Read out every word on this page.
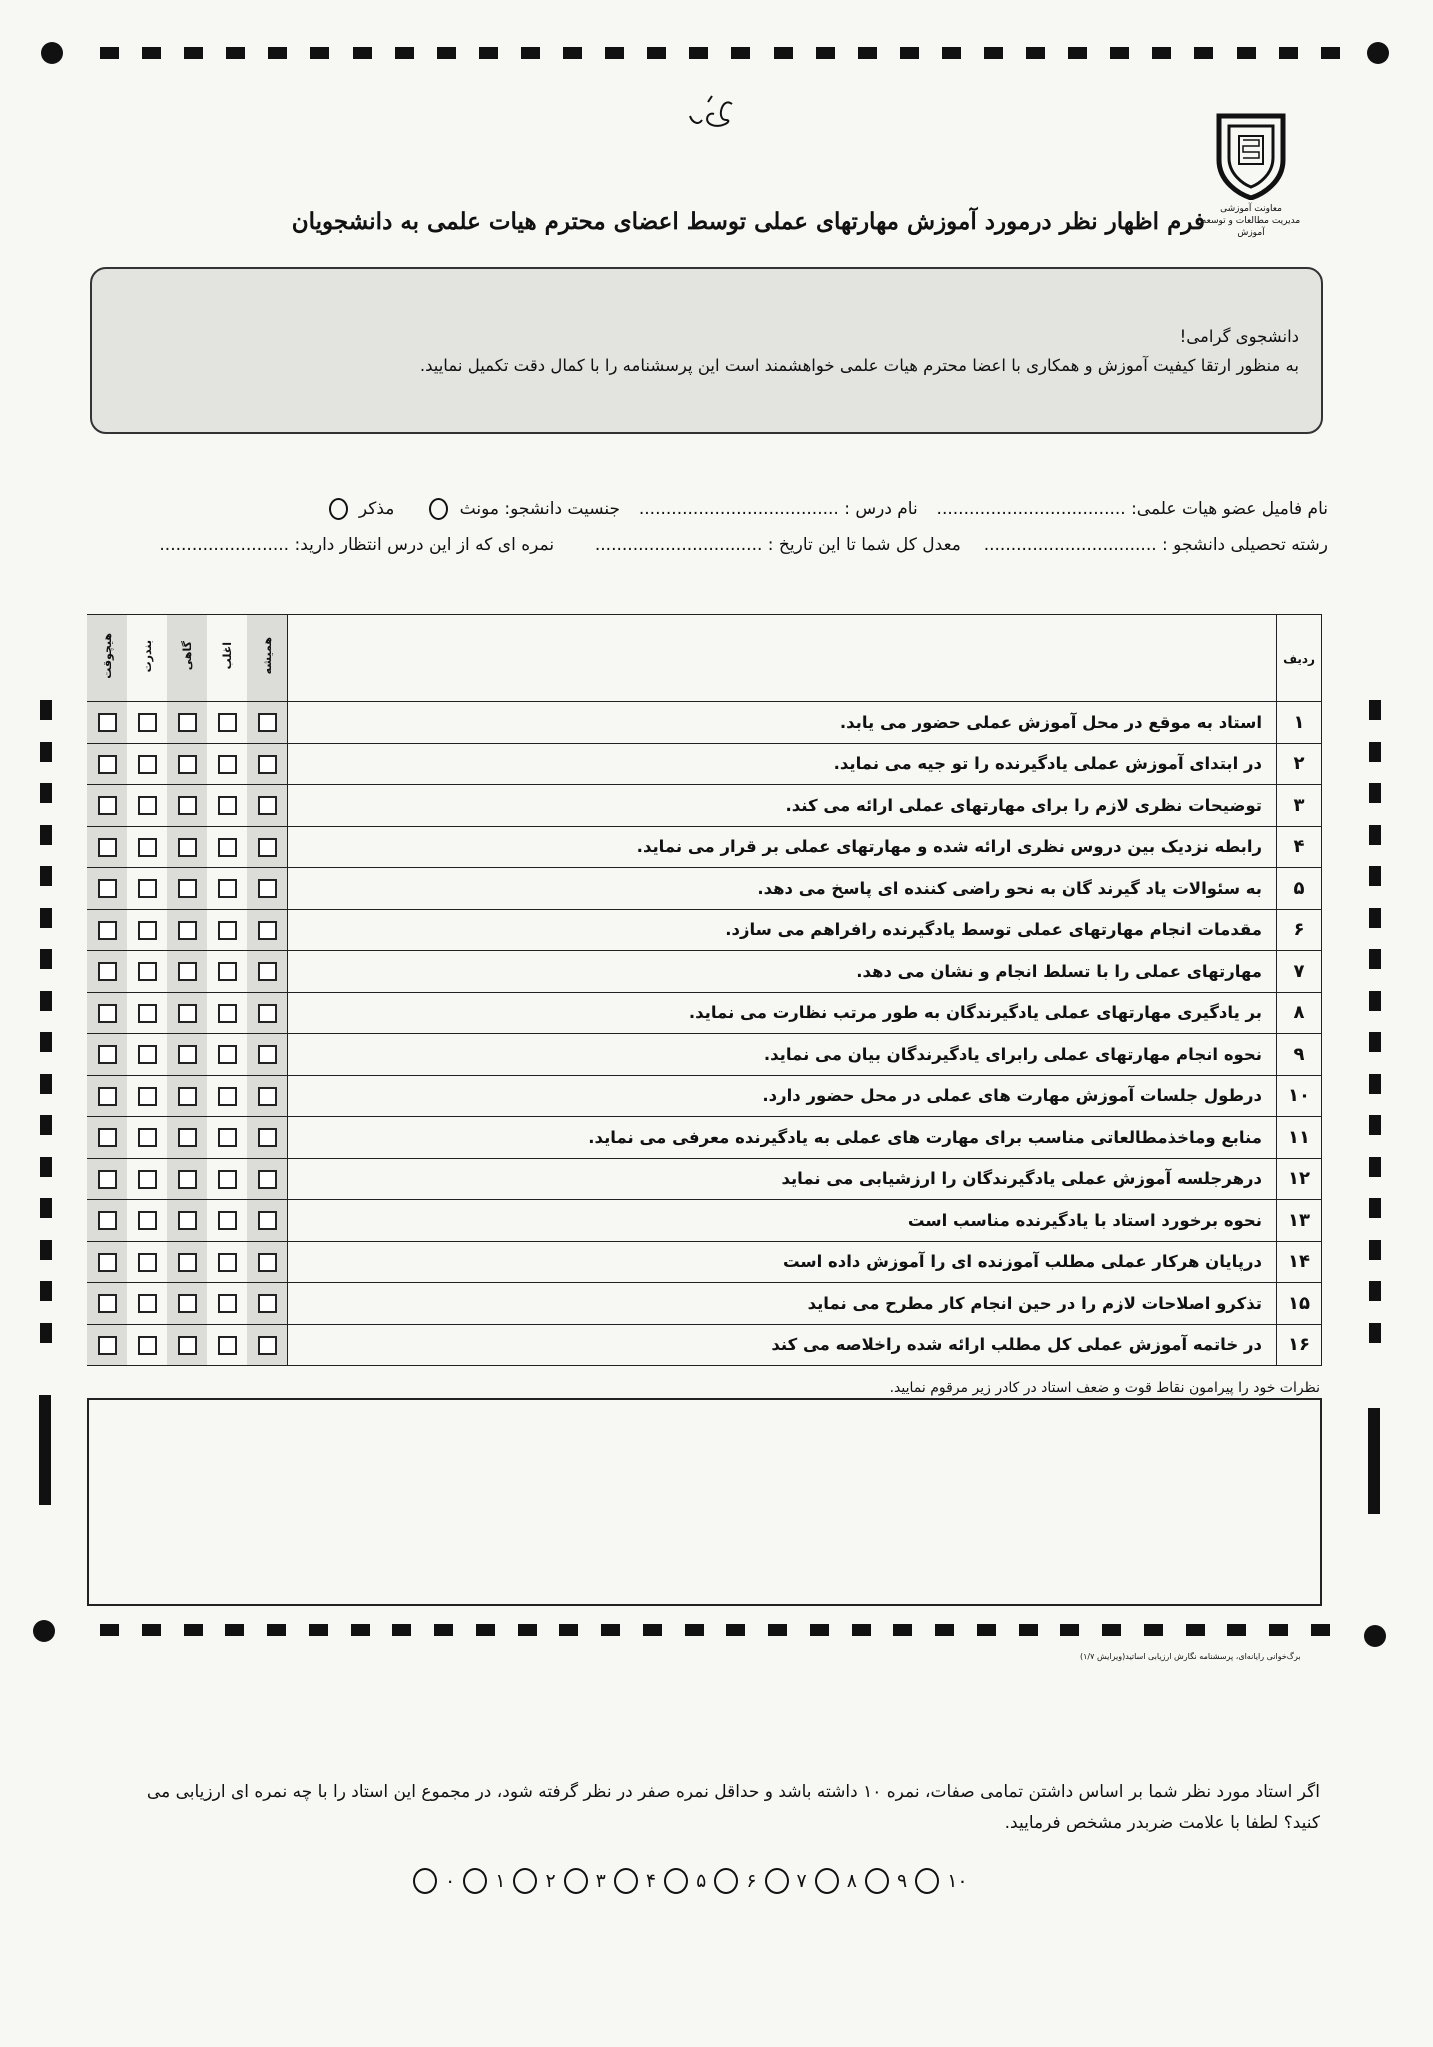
معاونت آموزشی
مدیریت مطالعات و توسعه آموزش
فرم اظهار نظر درمورد آموزش مهارتهای عملی توسط اعضای محترم هیات علمی به دانشجویان
دانشجوی گرامی!
به منظور ارتقا کیفیت آموزش و همکاری با اعضا محترم هیات علمی خواهشمند است این پرسشنامه را با کمال دقت تکمیل نمایید.
نام فامیل عضو هیات علمی: ...................................  نام درس : .....................................  جنسیت دانشجو: مونث   مذکر
رشته تحصیلی دانشجو : ................................  معدل کل شما تا این تاریخ : ...............................  نمره ای که از این درس انتظار دارید: ........................
ردیف		همیشه	اغلب	گاهی	بندرت	هیچوقت
۱	استاد به موقع در محل آموزش عملی حضور می یابد.					
۲	در ابتدای آموزش عملی یادگیرنده را تو جیه می نماید.					
۳	توضیحات نظری لازم را برای مهارتهای عملی ارائه می کند.					
۴	رابطه نزدیک بین دروس نظری ارائه شده و مهارتهای عملی بر قرار می نماید.					
۵	به سئوالات یاد گیرند گان به نحو راضی کننده ای پاسخ می دهد.					
۶	مقدمات انجام مهارتهای عملی توسط یادگیرنده رافراهم می سازد.					
۷	مهارتهای عملی را با تسلط انجام و نشان می دهد.					
۸	بر یادگیری مهارتهای عملی یادگیرندگان به طور مرتب نظارت می نماید.					
۹	نحوه انجام مهارتهای عملی رابرای یادگیرندگان بیان می نماید.					
۱۰	درطول جلسات آموزش مهارت های عملی در محل حضور دارد.					
۱۱	منابع وماخذمطالعاتی مناسب برای مهارت های عملی به یادگیرنده معرفی می نماید.					
۱۲	درهرجلسه آموزش عملی یادگیرندگان را ارزشیابی می نماید					
۱۳	نحوه برخورد استاد با یادگیرنده مناسب است					
۱۴	درپایان هرکار عملی مطلب آموزنده ای را آموزش داده است					
۱۵	تذکرو اصلاحات لازم را در حین انجام کار مطرح می نماید					
۱۶	در خاتمه آموزش عملی کل مطلب ارائه شده راخلاصه می کند					
نظرات خود را پیرامون نقاط قوت و ضعف استاد در کادر زیر مرقوم نمایید.
برگ‌خوانی رایانه‌ای، پرسشنامه نگارش ارزیابی اساتید(ویرایش ۱/۷)
اگر استاد مورد نظر شما بر اساس داشتن تمامی صفات، نمره ۱۰ داشته باشد و حداقل نمره صفر در نظر گرفته شود، در مجموع این استاد را با چه نمره ای ارزیابی می کنید؟ لطفا با علامت ضربدر مشخص فرمایید.
۰ ۱ ۲ ۳ ۴ ۵ ۶ ۷ ۸ ۹ ۱۰
